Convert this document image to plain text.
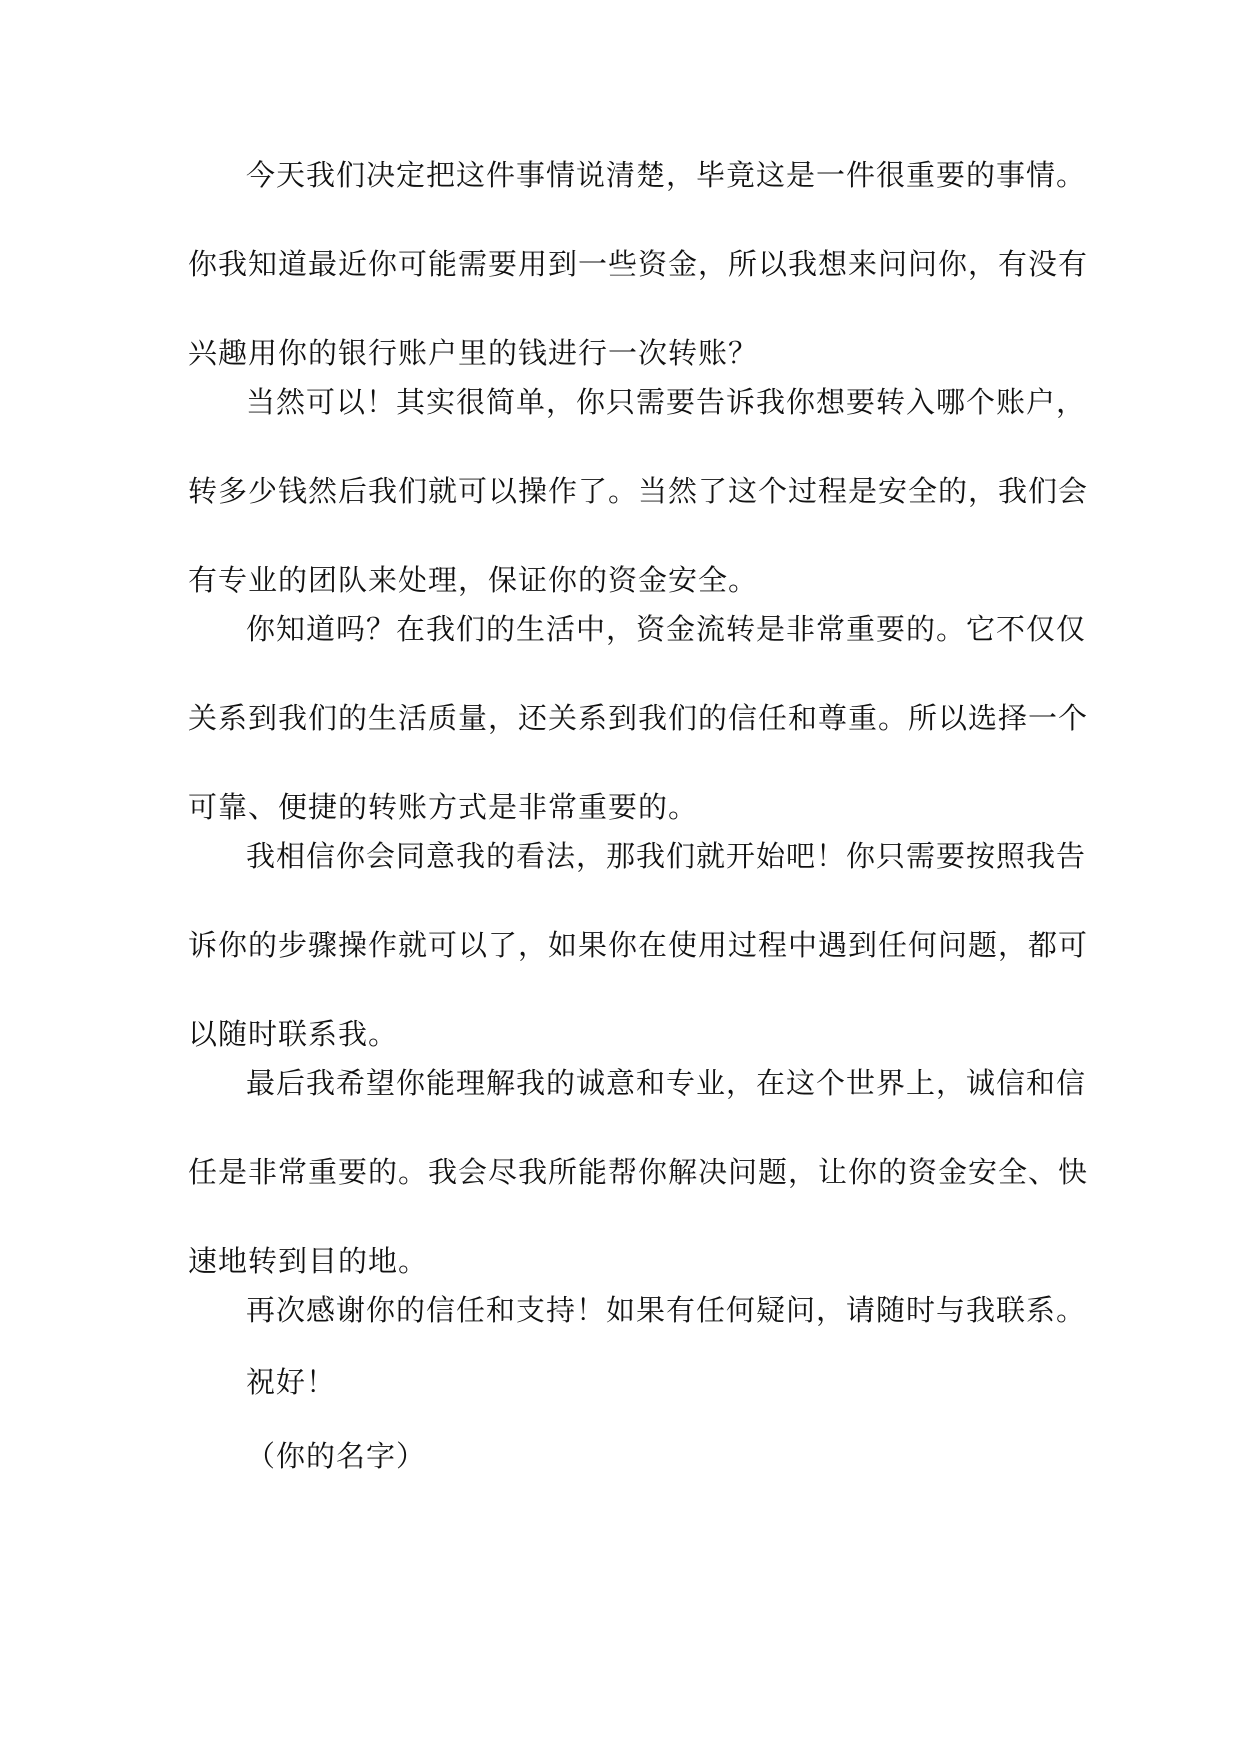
今天我们决定把这件事情说清楚，毕竟这是一件很重要的事情。
你我知道最近你可能需要用到一些资金，所以我想来问问你，有没有
兴趣用你的银行账户里的钱进行一次转账？
当然可以！其实很简单，你只需要告诉我你想要转入哪个账户，
转多少钱然后我们就可以操作了。当然了这个过程是安全的，我们会
有专业的团队来处理，保证你的资金安全。
你知道吗？在我们的生活中，资金流转是非常重要的。它不仅仅
关系到我们的生活质量，还关系到我们的信任和尊重。所以选择一个
可靠、便捷的转账方式是非常重要的。
我相信你会同意我的看法，那我们就开始吧！你只需要按照我告
诉你的步骤操作就可以了，如果你在使用过程中遇到任何问题，都可
以随时联系我。
最后我希望你能理解我的诚意和专业，在这个世界上，诚信和信
任是非常重要的。我会尽我所能帮你解决问题，让你的资金安全、快
速地转到目的地。
再次感谢你的信任和支持！如果有任何疑问，请随时与我联系。
祝好！
（你的名字）
